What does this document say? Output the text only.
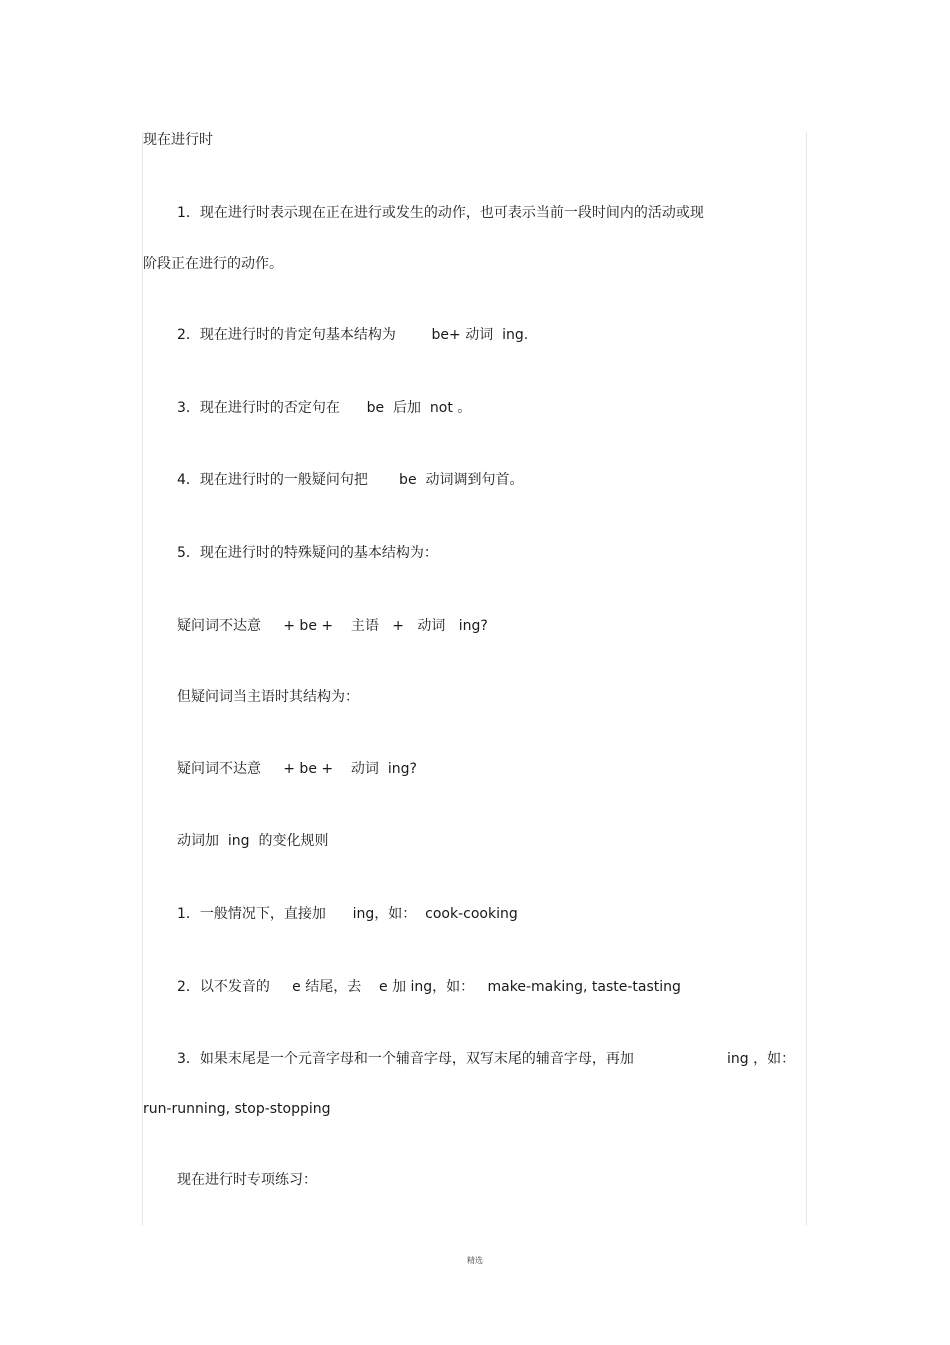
现在进行时
1．现在进行时表示现在正在进行或发生的动作，也可表示当前一段时间内的活动或现
阶段正在进行的动作。
2．现在进行时的肯定句基本结构为        be+ 动词  ing.
3．现在进行时的否定句在      be  后加  not 。
4．现在进行时的一般疑问句把       be  动词调到句首。
5．现在进行时的特殊疑问的基本结构为：
疑问词不达意     + be +    主语   +   动词   ing?
但疑问词当主语时其结构为：
疑问词不达意     + be +    动词  ing?
动词加  ing  的变化规则
1．一般情况下，直接加      ing，如：  cook-cooking
2．以不发音的     e 结尾，去    e 加 ing，如：   make-making, taste-tasting
3．如果末尾是一个元音字母和一个辅音字母，双写末尾的辅音字母，再加	ing ，如：
run-running, stop-stopping
现在进行时专项练习：
精选
